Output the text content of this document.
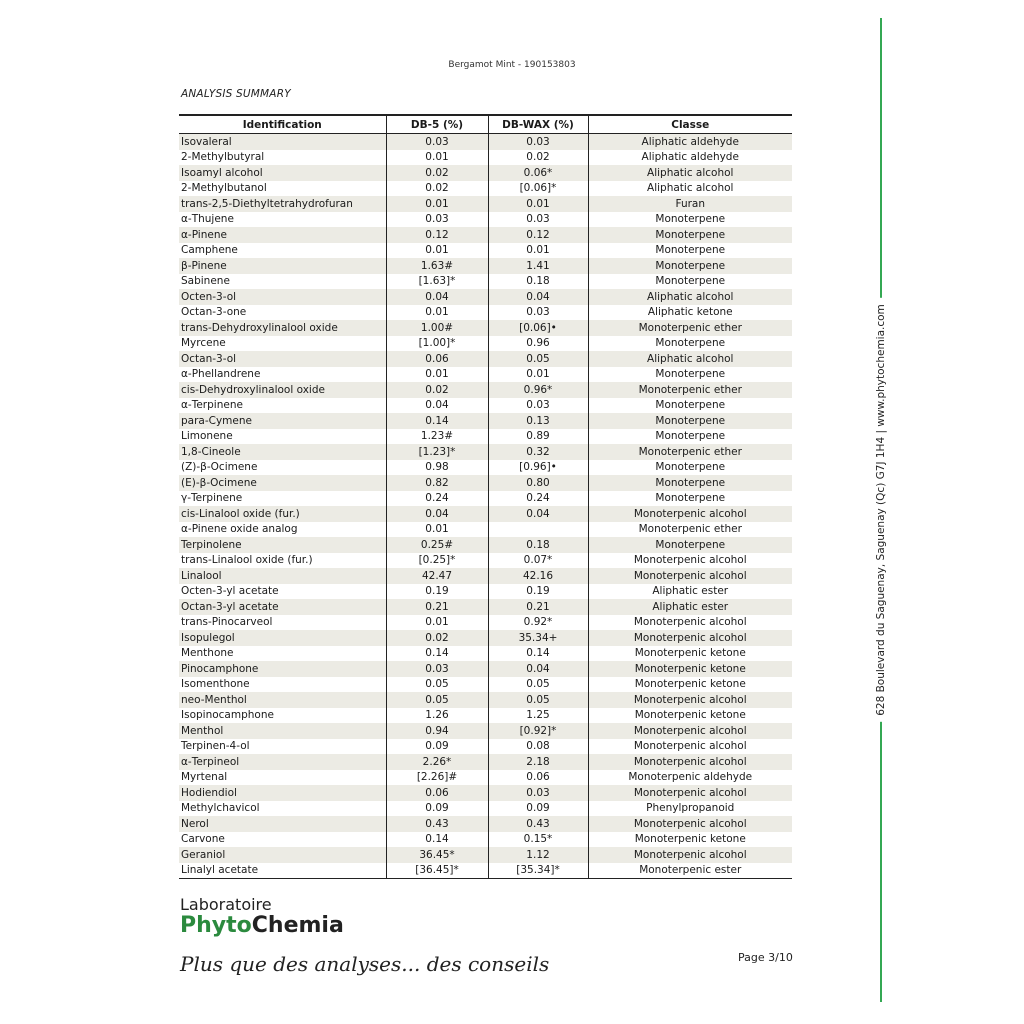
Bergamot Mint - 190153803
ANALYSIS SUMMARY
Identification	DB-5 (%)	DB-WAX (%)	Classe
Isovaleral	0.03	0.03	Aliphatic aldehyde
2-Methylbutyral	0.01	0.02	Aliphatic aldehyde
Isoamyl alcohol	0.02	0.06*	Aliphatic alcohol
2-Methylbutanol	0.02	[0.06]*	Aliphatic alcohol
trans-2,5-Diethyltetrahydrofuran	0.01	0.01	Furan
α-Thujene	0.03	0.03	Monoterpene
α-Pinene	0.12	0.12	Monoterpene
Camphene	0.01	0.01	Monoterpene
β-Pinene	1.63#	1.41	Monoterpene
Sabinene	[1.63]*	0.18	Monoterpene
Octen-3-ol	0.04	0.04	Aliphatic alcohol
Octan-3-one	0.01	0.03	Aliphatic ketone
trans-Dehydroxylinalool oxide	1.00#	[0.06]•	Monoterpenic ether
Myrcene	[1.00]*	0.96	Monoterpene
Octan-3-ol	0.06	0.05	Aliphatic alcohol
α-Phellandrene	0.01	0.01	Monoterpene
cis-Dehydroxylinalool oxide	0.02	0.96*	Monoterpenic ether
α-Terpinene	0.04	0.03	Monoterpene
para-Cymene	0.14	0.13	Monoterpene
Limonene	1.23#	0.89	Monoterpene
1,8-Cineole	[1.23]*	0.32	Monoterpenic ether
(Z)-β-Ocimene	0.98	[0.96]•	Monoterpene
(E)-β-Ocimene	0.82	0.80	Monoterpene
γ-Terpinene	0.24	0.24	Monoterpene
cis-Linalool oxide (fur.)	0.04	0.04	Monoterpenic alcohol
α-Pinene oxide analog	0.01		Monoterpenic ether
Terpinolene	0.25#	0.18	Monoterpene
trans-Linalool oxide (fur.)	[0.25]*	0.07*	Monoterpenic alcohol
Linalool	42.47	42.16	Monoterpenic alcohol
Octen-3-yl acetate	0.19	0.19	Aliphatic ester
Octan-3-yl acetate	0.21	0.21	Aliphatic ester
trans-Pinocarveol	0.01	0.92*	Monoterpenic alcohol
Isopulegol	0.02	35.34+	Monoterpenic alcohol
Menthone	0.14	0.14	Monoterpenic ketone
Pinocamphone	0.03	0.04	Monoterpenic ketone
Isomenthone	0.05	0.05	Monoterpenic ketone
neo-Menthol	0.05	0.05	Monoterpenic alcohol
Isopinocamphone	1.26	1.25	Monoterpenic ketone
Menthol	0.94	[0.92]*	Monoterpenic alcohol
Terpinen-4-ol	0.09	0.08	Monoterpenic alcohol
α-Terpineol	2.26*	2.18	Monoterpenic alcohol
Myrtenal	[2.26]#	0.06	Monoterpenic aldehyde
Hodiendiol	0.06	0.03	Monoterpenic alcohol
Methylchavicol	0.09	0.09	Phenylpropanoid
Nerol	0.43	0.43	Monoterpenic alcohol
Carvone	0.14	0.15*	Monoterpenic ketone
Geraniol	36.45*	1.12	Monoterpenic alcohol
Linalyl acetate	[36.45]*	[35.34]*	Monoterpenic ester
Laboratoire
PhytoChemia
Plus que des analyses... des conseils	Page 3/10
628 Boulevard du Saguenay, Saguenay (Qc) G7J 1H4 | www.phytochemia.com
